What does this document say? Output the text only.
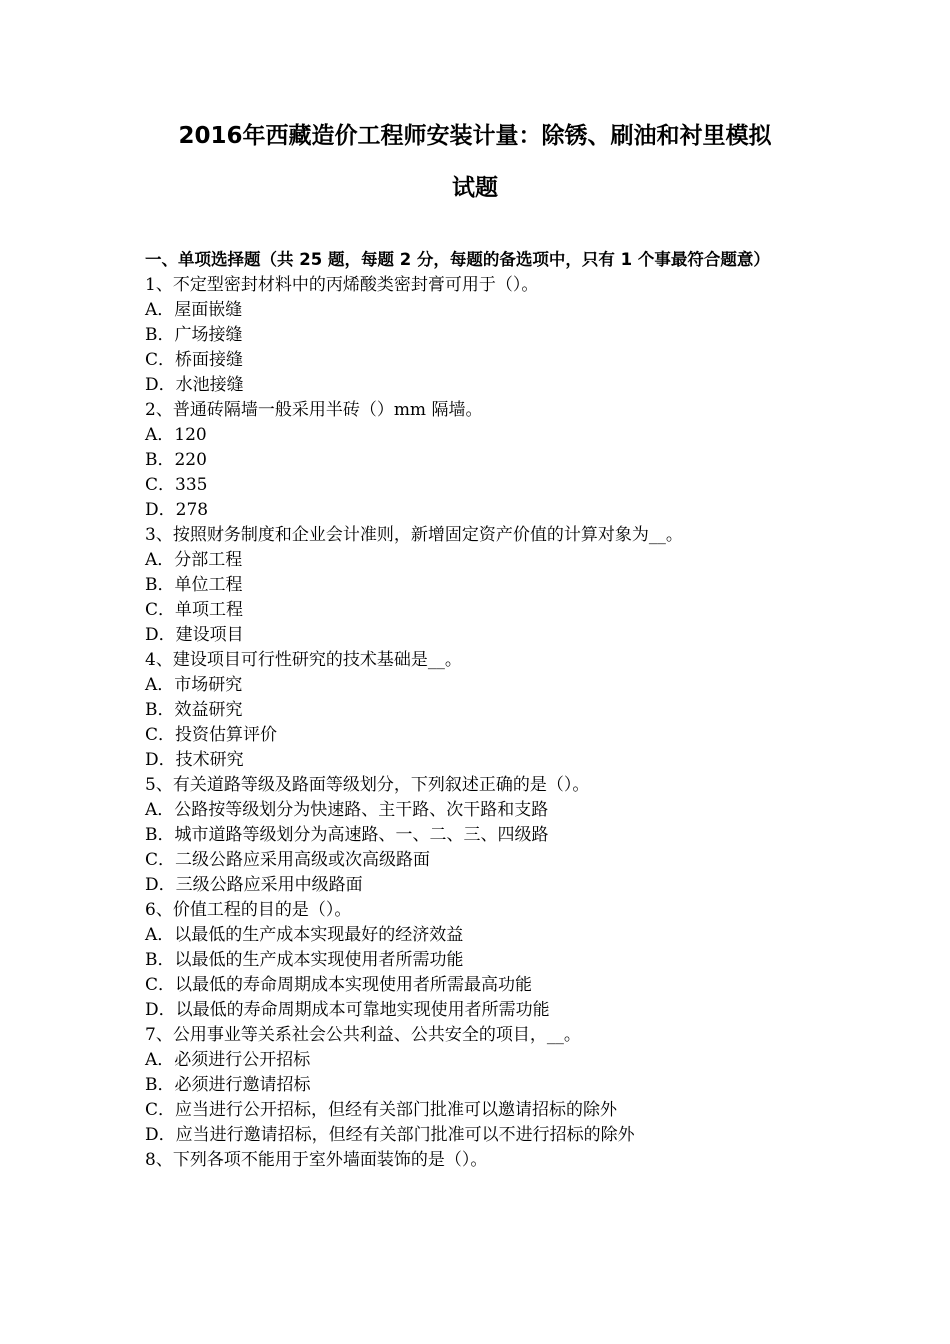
2016年西藏造价工程师安装计量：除锈、刷油和衬里模拟
试题
一、单项选择题（共 25 题，每题 2 分，每题的备选项中，只有 1 个事最符合题意）
1、不定型密封材料中的丙烯酸类密封膏可用于（）。
A．屋面嵌缝
B．广场接缝
C．桥面接缝
D．水池接缝
2、普通砖隔墙一般采用半砖（）mm 隔墙。
A．120
B．220
C．335
D．278
3、按照财务制度和企业会计准则，新增固定资产价值的计算对象为__。
A．分部工程
B．单位工程
C．单项工程
D．建设项目
4、建设项目可行性研究的技术基础是__。
A．市场研究
B．效益研究
C．投资估算评价
D．技术研究
5、有关道路等级及路面等级划分，下列叙述正确的是（）。
A．公路按等级划分为快速路、主干路、次干路和支路
B．城市道路等级划分为高速路、一、二、三、四级路
C．二级公路应采用高级或次高级路面
D．三级公路应采用中级路面
6、价值工程的目的是（）。
A．以最低的生产成本实现最好的经济效益
B．以最低的生产成本实现使用者所需功能
C．以最低的寿命周期成本实现使用者所需最高功能
D．以最低的寿命周期成本可靠地实现使用者所需功能
7、公用事业等关系社会公共利益、公共安全的项目，__。
A．必须进行公开招标
B．必须进行邀请招标
C．应当进行公开招标，但经有关部门批准可以邀请招标的除外
D．应当进行邀请招标，但经有关部门批准可以不进行招标的除外
8、下列各项不能用于室外墙面装饰的是（）。
